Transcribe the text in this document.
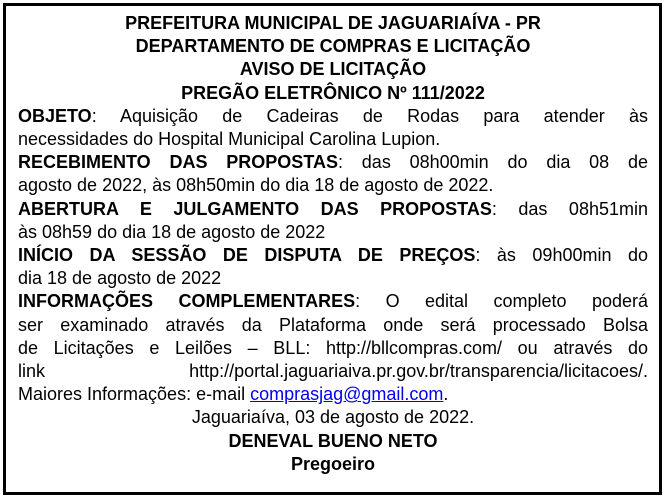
PREFEITURA MUNICIPAL DE JAGUARIAÍVA - PR
DEPARTAMENTO DE COMPRAS E LICITAÇÃO
AVISO DE LICITAÇÃO
PREGÃO ELETRÔNICO Nº 111/2022
OBJETO: Aquisição de Cadeiras de Rodas para atender às
necessidades do Hospital Municipal Carolina Lupion.
RECEBIMENTO DAS PROPOSTAS: das 08h00min do dia 08 de
agosto de 2022, às 08h50min do dia 18 de agosto de 2022.
ABERTURA E JULGAMENTO DAS PROPOSTAS: das 08h51min
às 08h59 do dia 18 de agosto de 2022
INÍCIO DA SESSÃO DE DISPUTA DE PREÇOS: às 09h00min do
dia 18 de agosto de 2022
INFORMAÇÕES COMPLEMENTARES: O edital completo poderá
ser examinado através da Plataforma onde será processado Bolsa
de Licitações e Leilões – BLL: http://bllcompras.com/ ou através do
link	http://portal.jaguariaiva.pr.gov.br/transparencia/licitacoes/.
Maiores Informações: e-mail comprasjag@gmail.com.
Jaguariaíva, 03 de agosto de 2022.
DENEVAL BUENO NETO
Pregoeiro
